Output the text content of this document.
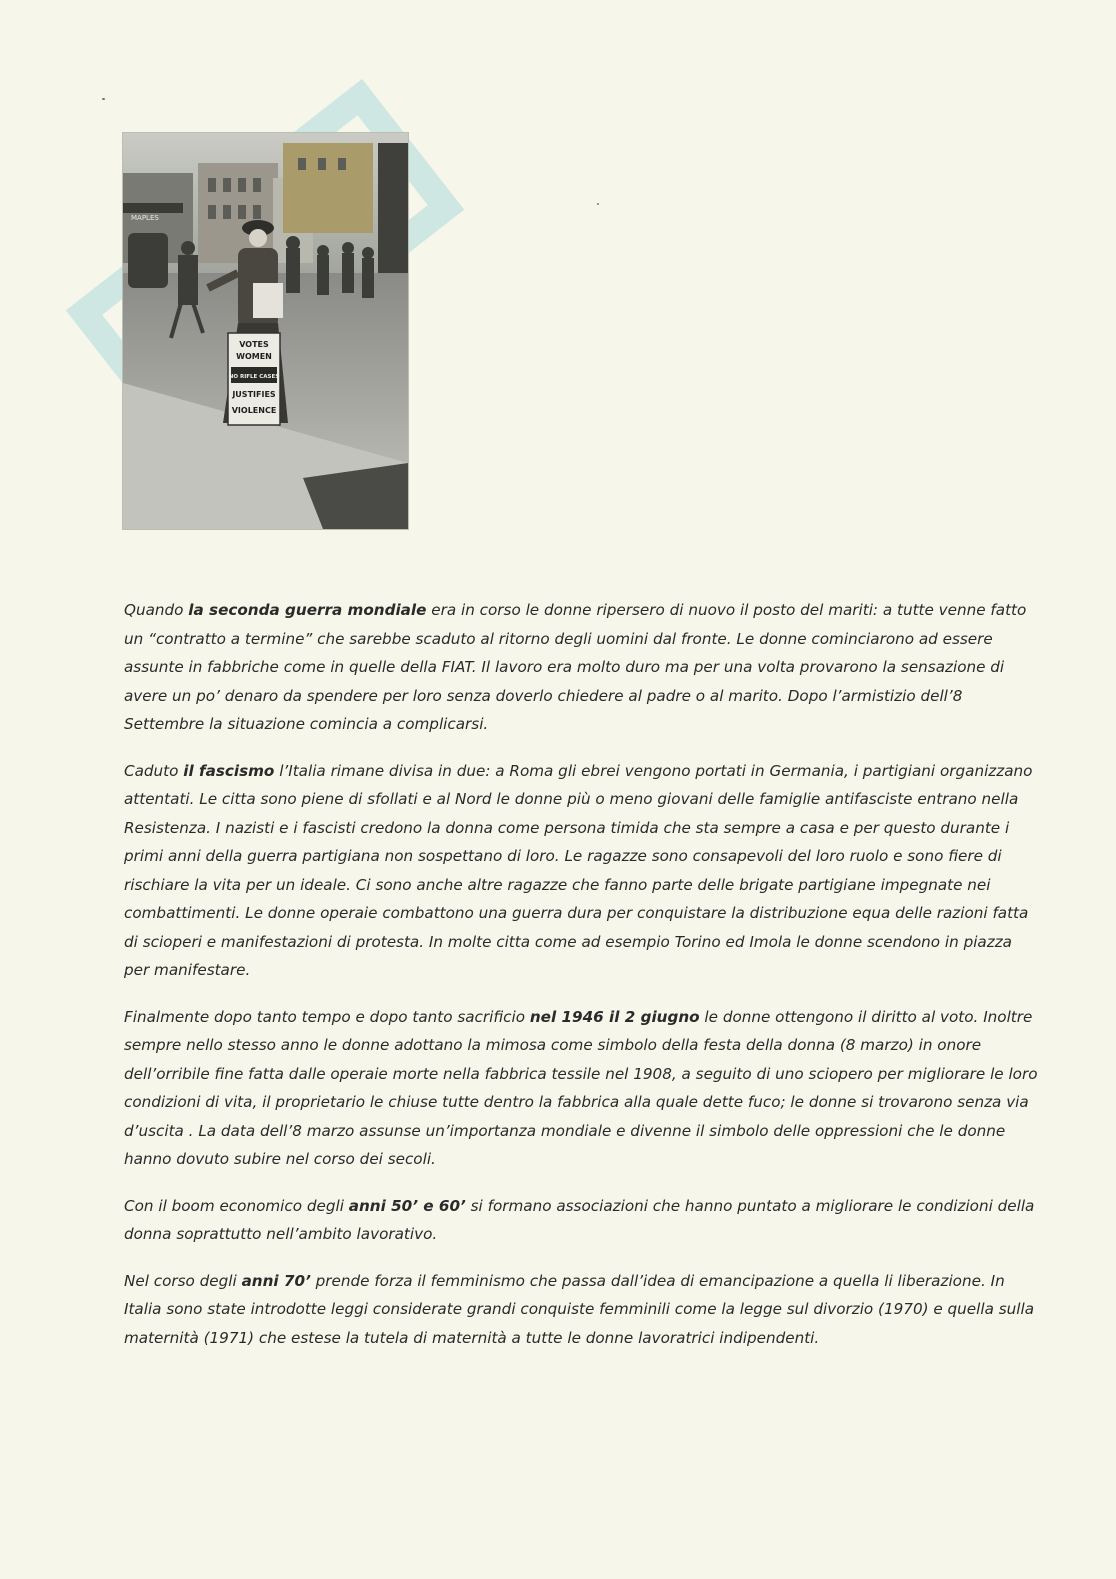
VOTES
WOMEN
NO RIFLE CASES
JUSTIFIES
VIOLENCE
MAPLES

Quando la seconda guerra mondiale era in corso le donne ripersero di nuovo il posto del mariti: a tutte venne fatto un “contratto a termine” che sarebbe scaduto al ritorno degli uomini dal fronte. Le donne cominciarono ad essere assunte in fabbriche come in quelle della FIAT. Il lavoro era molto duro ma per una volta provarono la sensazione di avere un po’ denaro da spendere per loro senza doverlo chiedere al padre o al marito. Dopo l’armistizio dell’8 Settembre la situazione comincia a complicarsi.

Caduto il fascismo l’Italia rimane divisa in due: a Roma gli ebrei vengono portati in Germania, i partigiani organizzano attentati. Le citta sono piene di sfollati e al Nord le donne più o meno giovani delle famiglie antifasciste entrano nella Resistenza. I nazisti e i fascisti credono la donna come persona timida che sta sempre a casa e per questo durante i primi anni della guerra partigiana non sospettano di loro. Le ragazze sono consapevoli del loro ruolo e sono fiere di rischiare la vita per un ideale. Ci sono anche altre ragazze che fanno parte delle brigate partigiane impegnate nei combattimenti. Le donne operaie combattono una guerra dura per conquistare la distribuzione equa delle razioni fatta di scioperi e manifestazioni di protesta. In molte citta come ad esempio Torino ed Imola le donne scendono in piazza per manifestare.

Finalmente dopo tanto tempo e dopo tanto sacrificio nel 1946 il 2 giugno le donne ottengono il diritto al voto. Inoltre sempre nello stesso anno le donne adottano la mimosa come simbolo della festa della donna (8 marzo) in onore dell’orribile fine fatta dalle operaie morte nella fabbrica tessile nel 1908, a seguito di uno sciopero per migliorare le loro condizioni di vita, il proprietario le chiuse tutte dentro la fabbrica alla quale dette fuco; le donne si trovarono senza via d’uscita . La data dell’8 marzo assunse un’importanza mondiale e divenne il simbolo delle oppressioni che le donne hanno dovuto subire nel corso dei secoli.

Con il boom economico degli anni 50’ e 60’ si formano associazioni che hanno puntato a migliorare le condizioni della donna soprattutto nell’ambito lavorativo.

Nel corso degli anni 70’ prende forza il femminismo che passa dall’idea di emancipazione a quella li liberazione. In Italia sono state introdotte leggi considerate grandi conquiste femminili come la legge sul divorzio (1970) e quella sulla maternità (1971) che estese la tutela di maternità a tutte le donne lavoratrici indipendenti.
